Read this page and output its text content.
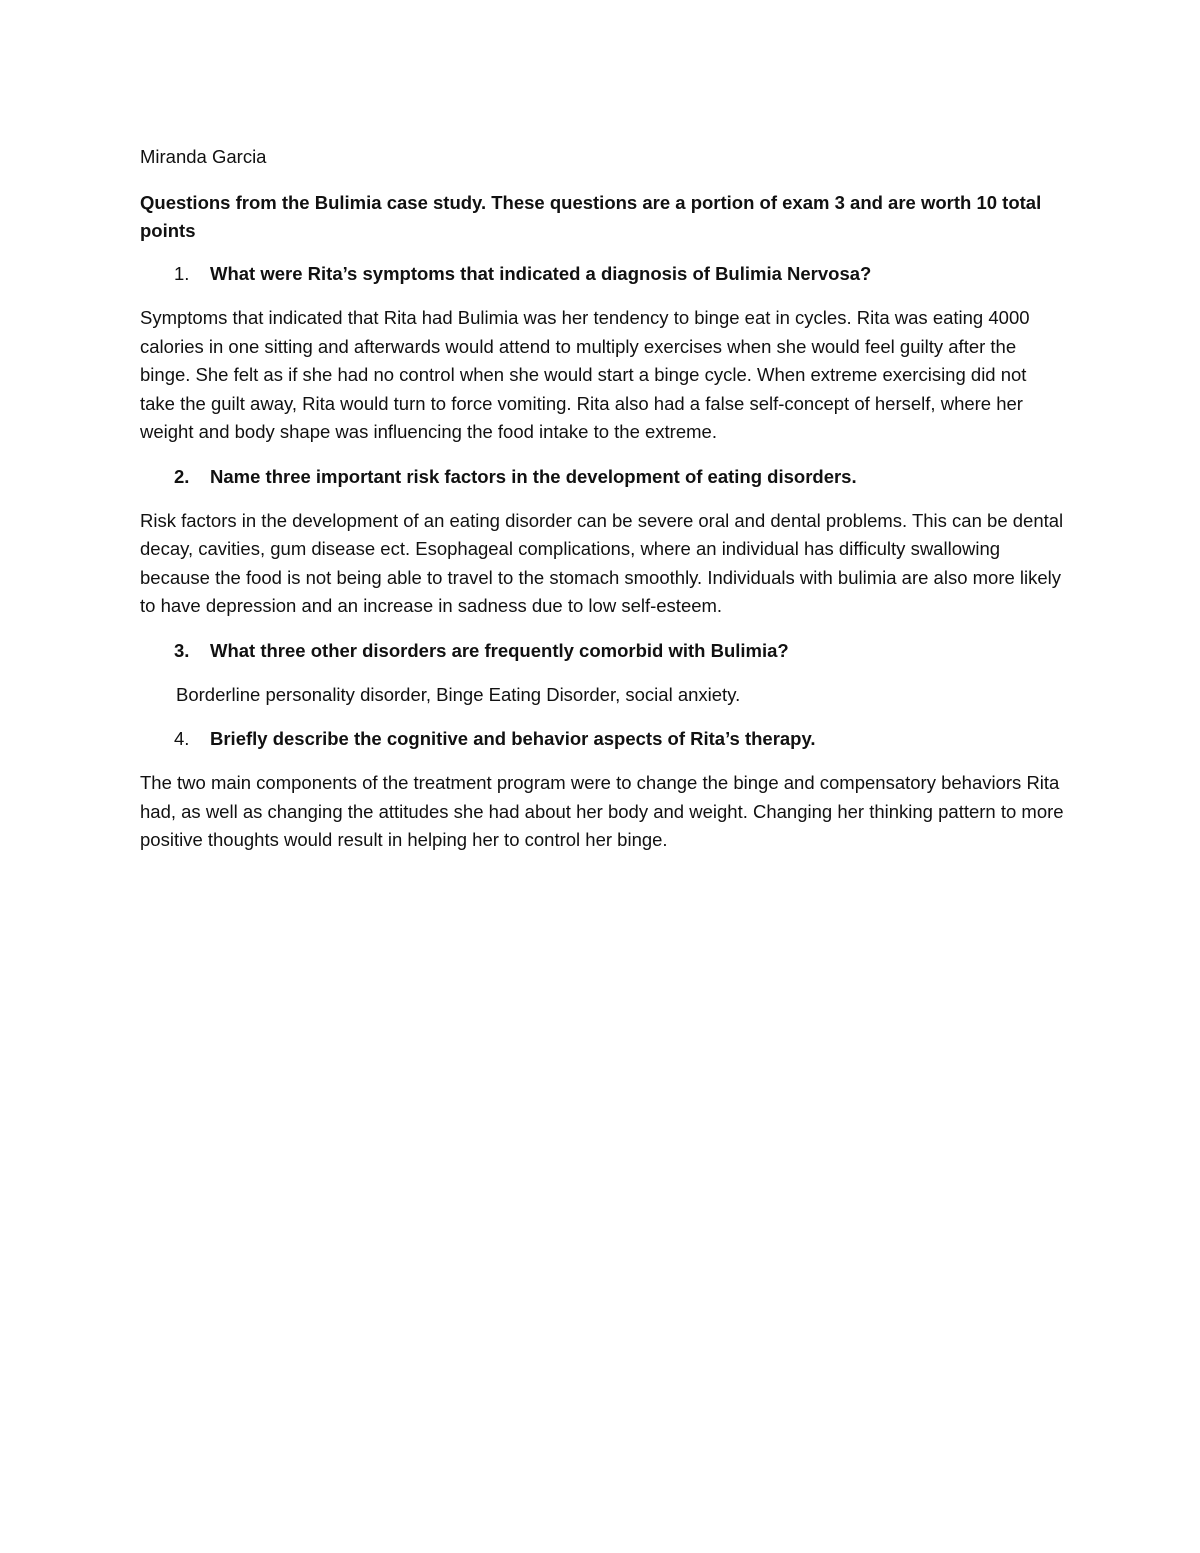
Miranda Garcia

Questions from the Bulimia case study. These questions are a portion of exam 3 and are worth 10 total points

1.	What were Rita’s symptoms that indicated a diagnosis of Bulimia Nervosa?

Symptoms that indicated that Rita had Bulimia was her tendency to binge eat in cycles. Rita was eating 4000 calories in one sitting and afterwards would attend to multiply exercises when she would feel guilty after the binge. She felt as if she had no control when she would start a binge cycle. When extreme exercising did not take the guilt away, Rita would turn to force vomiting. Rita also had a false self-concept of herself, where her weight and body shape was influencing the food intake to the extreme.

2.	Name three important risk factors in the development of eating disorders.

Risk factors in the development of an eating disorder can be severe oral and dental problems. This can be dental decay, cavities, gum disease ect. Esophageal complications, where an individual has difficulty swallowing because the food is not being able to travel to the stomach smoothly. Individuals with bulimia are also more likely to have depression and an increase in sadness due to low self-esteem.

3.	What three other disorders are frequently comorbid with Bulimia?

Borderline personality disorder, Binge Eating Disorder, social anxiety.

4.	Briefly describe the cognitive and behavior aspects of Rita’s therapy.

The two main components of the treatment program were to change the binge and compensatory behaviors Rita had, as well as changing the attitudes she had about her body and weight. Changing her thinking pattern to more positive thoughts would result in helping her to control her binge.
